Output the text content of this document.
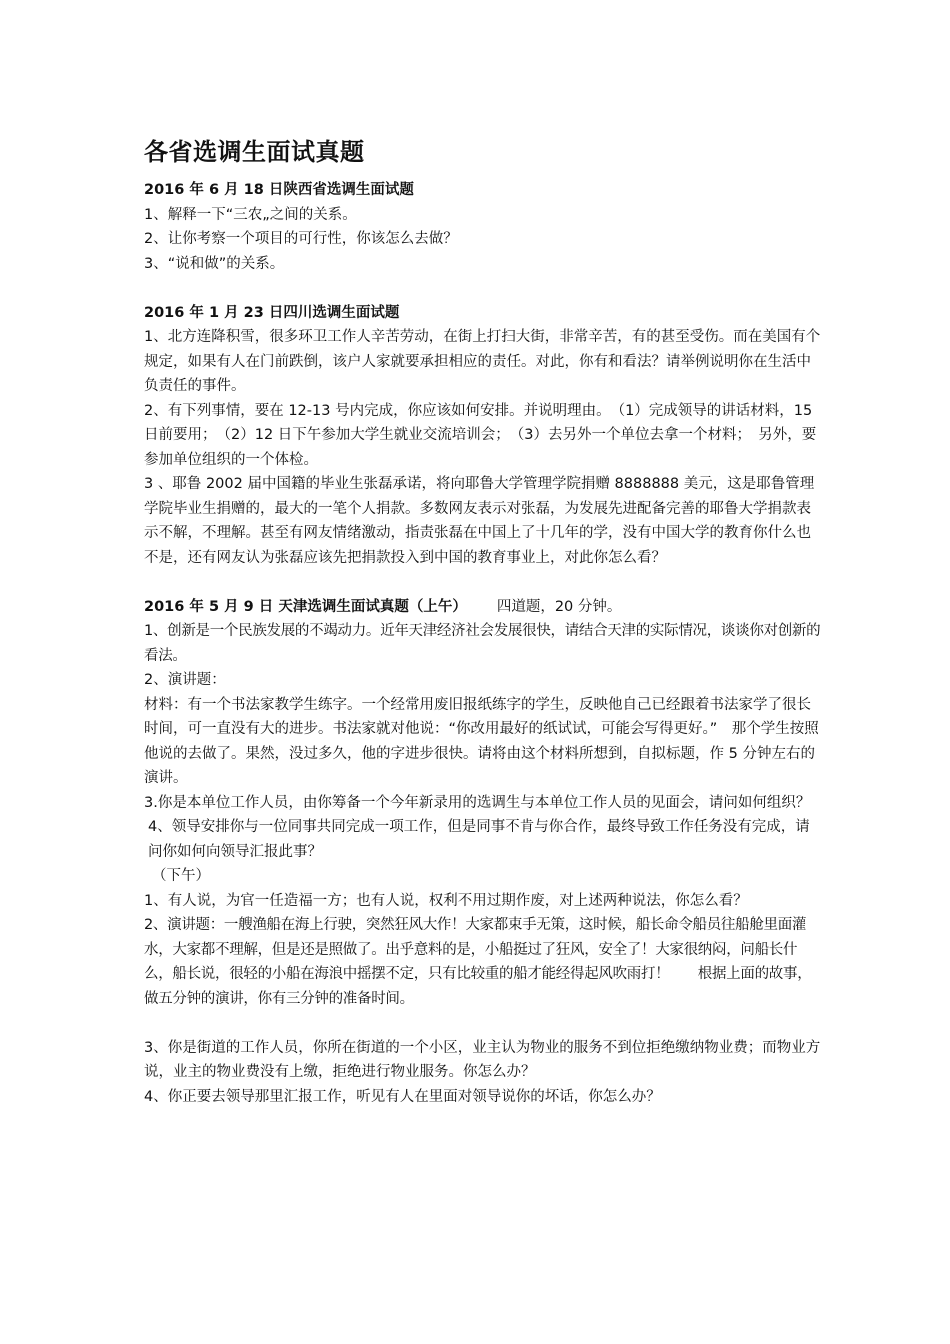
各省选调生面试真题

2016 年 6 月 18 日陕西省选调生面试题

1、解释一下“三农„之间的关系。

2、让你考察一个项目的可行性，你该怎么去做？

3、“说和做”的关系。

2016 年 1 月 23 日四川选调生面试题

1、北方连降积雪，很多环卫工作人辛苦劳动，在街上打扫大街，非常辛苦，有的甚至受伤。而在美国有个规定，如果有人在门前跌倒，该户人家就要承担相应的责任。对此，你有和看法？请举例说明你在生活中负责任的事件。

2、有下列事情，要在 12-13 号内完成，你应该如何安排。并说明理由。　（1）完成领导的讲话材料，15 日前要用；　（2）12 日下午参加大学生就业交流培训会；　（3）去另外一个单位去拿一个材料；　另外，要参加单位组织的一个体检。

3 、耶鲁 2002 届中国籍的毕业生张磊承诺，将向耶鲁大学管理学院捐赠 8888888 美元，这是耶鲁管理学院毕业生捐赠的，最大的一笔个人捐款。多数网友表示对张磊，为发展先进配备完善的耶鲁大学捐款表示不解，不理解。甚至有网友情绪激动，指责张磊在中国上了十几年的学，没有中国大学的教育你什么也不是，还有网友认为张磊应该先把捐款投入到中国的教育事业上，对此你怎么看？

2016 年 5 月 9 日 天津选调生面试真题（上午） 四道题，20 分钟。

1、创新是一个民族发展的不竭动力。近年天津经济社会发展很快，请结合天津的实际情况，谈谈你对创新的看法。

2、演讲题：

材料：有一个书法家教学生练字。一个经常用废旧报纸练字的学生，反映他自己已经跟着书法家学了很长时间，可一直没有大的进步。书法家就对他说：“你改用最好的纸试试，可能会写得更好。”　那个学生按照他说的去做了。果然，没过多久，他的字进步很快。请将由这个材料所想到，自拟标题，作 5 分钟左右的演讲。

3.你是本单位工作人员，由你筹备一个今年新录用的选调生与本单位工作人员的见面会，请问如何组织？

4、领导安排你与一位同事共同完成一项工作，但是同事不肯与你合作，最终导致工作任务没有完成，请问你如何向领导汇报此事？

（下午）

1、有人说，为官一任造福一方；也有人说，权利不用过期作废，对上述两种说法，你怎么看？

2、演讲题：一艘渔船在海上行驶，突然狂风大作！大家都束手无策，这时候，船长命令船员往船舱里面灌水，大家都不理解，但是还是照做了。出乎意料的是，小船挺过了狂风，安全了！大家很纳闷，问船长什么，船长说，很轻的小船在海浪中摇摆不定，只有比较重的船才能经得起风吹雨打！　　根据上面的故事，做五分钟的演讲，你有三分钟的准备时间。

3、你是街道的工作人员，你所在街道的一个小区，业主认为物业的服务不到位拒绝缴纳物业费；而物业方说，业主的物业费没有上缴，拒绝进行物业服务。你怎么办？

4、你正要去领导那里汇报工作，听见有人在里面对领导说你的坏话，你怎么办？
